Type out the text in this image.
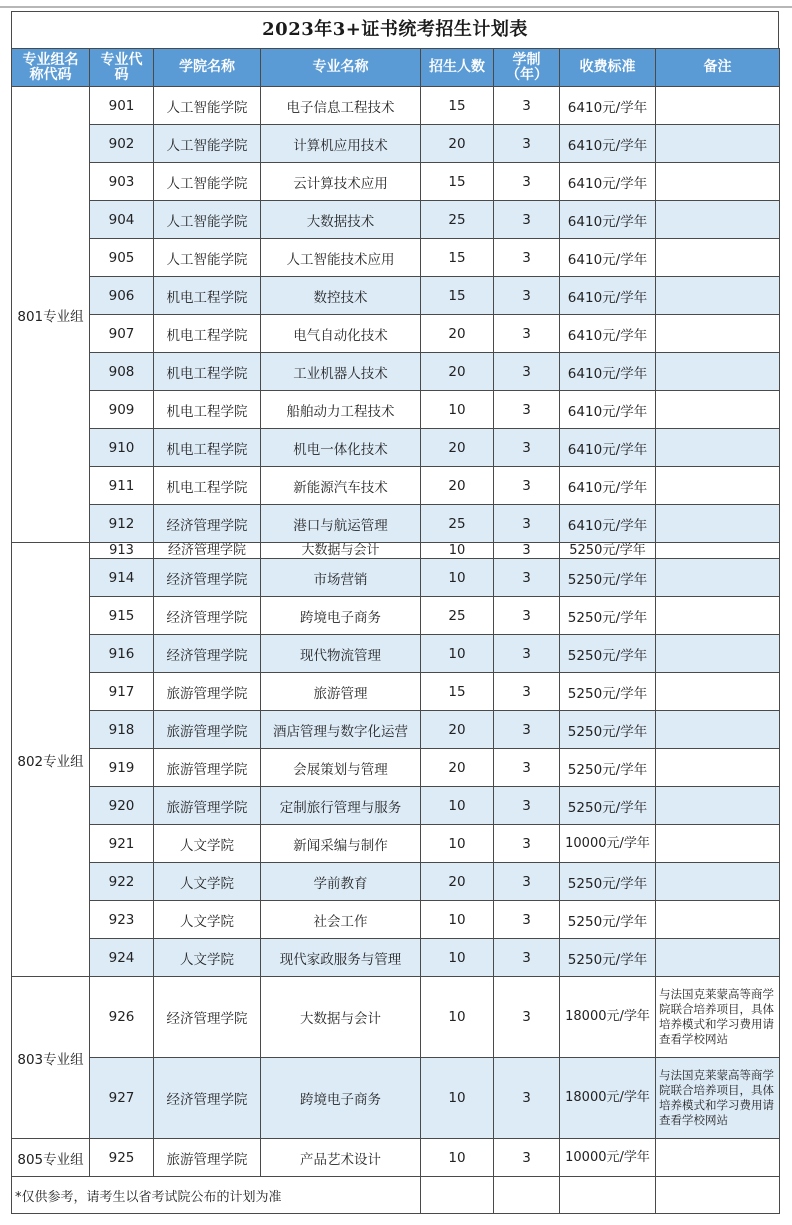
2023年3+证书统考招生计划表
专业组名称代码	专业代码	学院名称	专业名称	招生人数	学制（年）	收费标准	备注
801专业组	901	人工智能学院	电子信息工程技术	15	3	6410元/学年	
	902	人工智能学院	计算机应用技术	20	3	6410元/学年	
	903	人工智能学院	云计算技术应用	15	3	6410元/学年	
	904	人工智能学院	大数据技术	25	3	6410元/学年	
	905	人工智能学院	人工智能技术应用	15	3	6410元/学年	
	906	机电工程学院	数控技术	15	3	6410元/学年	
	907	机电工程学院	电气自动化技术	20	3	6410元/学年	
	908	机电工程学院	工业机器人技术	20	3	6410元/学年	
	909	机电工程学院	船舶动力工程技术	10	3	6410元/学年	
	910	机电工程学院	机电一体化技术	20	3	6410元/学年	
	911	机电工程学院	新能源汽车技术	20	3	6410元/学年	
	912	经济管理学院	港口与航运管理	25	3	6410元/学年	
802专业组	913	经济管理学院	大数据与会计	10	3	5250元/学年	
	914	经济管理学院	市场营销	10	3	5250元/学年	
	915	经济管理学院	跨境电子商务	25	3	5250元/学年	
	916	经济管理学院	现代物流管理	10	3	5250元/学年	
	917	旅游管理学院	旅游管理	15	3	5250元/学年	
	918	旅游管理学院	酒店管理与数字化运营	20	3	5250元/学年	
	919	旅游管理学院	会展策划与管理	20	3	5250元/学年	
	920	旅游管理学院	定制旅行管理与服务	10	3	5250元/学年	
	921	人文学院	新闻采编与制作	10	3	10000元/学年	
	922	人文学院	学前教育	20	3	5250元/学年	
	923	人文学院	社会工作	10	3	5250元/学年	
	924	人文学院	现代家政服务与管理	10	3	5250元/学年	
803专业组	926	经济管理学院	大数据与会计	10	3	18000元/学年	与法国克莱蒙高等商学院联合培养项目，具体培养模式和学习费用请查看学校网站
	927	经济管理学院	跨境电子商务	10	3	18000元/学年	与法国克莱蒙高等商学院联合培养项目，具体培养模式和学习费用请查看学校网站
805专业组	925	旅游管理学院	产品艺术设计	10	3	10000元/学年	
*仅供参考，请考生以省考试院公布的计划为准							
